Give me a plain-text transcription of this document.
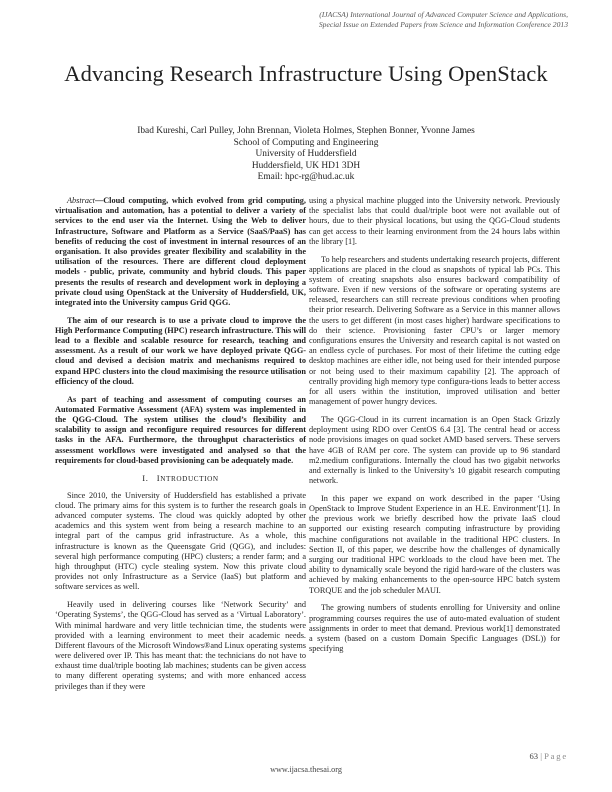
(IJACSA) International Journal of Advanced Computer Science and Applications,
Special Issue on Extended Papers from Science and Information Conference 2013
Advancing Research Infrastructure Using OpenStack
Ibad Kureshi, Carl Pulley, John Brennan, Violeta Holmes, Stephen Bonner, Yvonne James
School of Computing and Engineering
University of Huddersfield
Huddersfield, UK HD1 3DH
Email: hpc-rg@hud.ac.uk

Abstract—Cloud computing, which evolved from grid computing, virtualisation and automation, has a potential to deliver a variety of services to the end user via the Internet. Using the Web to deliver Infrastructure, Software and Platform as a Service (SaaS/PaaS) has benefits of reducing the cost of investment in internal resources of an organisation. It also provides greater flexibility and scalability in the utilisation of the resources. There are different cloud deployment models - public, private, community and hybrid clouds. This paper presents the results of research and development work in deploying a private cloud using OpenStack at the University of Huddersfield, UK, integrated into the University campus Grid QGG.

The aim of our research is to use a private cloud to improve the High Performance Computing (HPC) research infrastructure. This will lead to a flexible and scalable resource for research, teaching and assessment. As a result of our work we have deployed private QGG-cloud and devised a decision matrix and mechanisms required to expand HPC clusters into the cloud maximising the resource utilisation efficiency of the cloud.

As part of teaching and assessment of computing courses an Automated Formative Assessment (AFA) system was implemented in the QGG-Cloud. The system utilises the cloud’s flexibility and scalability to assign and reconfigure required resources for different tasks in the AFA. Furthermore, the throughput characteristics of assessment workflows were investigated and analysed so that the requirements for cloud-based provisioning can be adequately made.

I. INTRODUCTION

Since 2010, the University of Huddersfield has established a private cloud. The primary aims for this system is to further the research goals in advanced computer systems. The cloud was quickly adopted by other academics and this system went from being a research machine to an integral part of the campus grid infrastructure. As a whole, this infrastructure is known as the Queensgate Grid (QGG), and includes: several high performance computing (HPC) clusters; a render farm; and a high throughput (HTC) cycle stealing system. Now this private cloud provides not only Infrastructure as a Service (IaaS) but platform and software services as well.

Heavily used in delivering courses like ‘Network Security’ and ‘Operating Systems’, the QGG-Cloud has served as a ‘Virtual Laboratory’. With minimal hardware and very little technician time, the students were provided with a learning environment to meet their academic needs. Different flavours of the Microsoft Windows®and Linux operating systems were delivered over IP. This has meant that: the technicians do not have to exhaust time dual/triple booting lab machines; students can be given access to many different operating systems; and with more enhanced access privileges than if they were

using a physical machine plugged into the University network. Previously the specialist labs that could dual/triple boot were not available out of hours, due to their physical locations, but using the QGG-Cloud students can get access to their learning environment from the 24 hours labs within the library [1].

To help researchers and students undertaking research projects, different applications are placed in the cloud as snapshots of typical lab PCs. This system of creating snapshots also ensures backward compatibility of software. Even if new versions of the software or operating systems are released, researchers can still recreate previous conditions when proofing their prior research. Delivering Software as a Service in this manner allows the users to get different (in most cases higher) hardware specifications to do their science. Provisioning faster CPU’s or larger memory configurations ensures the University and research capital is not wasted on an endless cycle of purchases. For most of their lifetime the cutting edge desktop machines are either idle, not being used for their intended purpose or not being used to their maximum capability [2]. The approach of centrally providing high memory type configura-tions leads to better access for all users within the institution, improved utilisation and better management of power hungry devices.

The QGG-Cloud in its current incarnation is an Open Stack Grizzly deployment using RDO over CentOS 6.4 [3]. The central head or access node provisions images on quad socket AMD based servers. These servers have 4GB of RAM per core. The system can provide up to 96 standard m2.medium configurations. Internally the cloud has two gigabit networks and externally is linked to the University’s 10 gigabit research computing network.

In this paper we expand on work described in the paper ‘Using OpenStack to Improve Student Experience in an H.E. Environment’[1]. In the previous work we briefly described how the private IaaS cloud supported our existing research computing infrastructure by providing machine configurations not available in the traditional HPC clusters. In Section II, of this paper, we describe how the challenges of dynamically surging our traditional HPC workloads to the cloud have been met. The ability to dynamically scale beyond the rigid hard-ware of the clusters was achieved by making enhancements to the open-source HPC batch system TORQUE and the job scheduler MAUI.

The growing numbers of students enrolling for University and online programming courses requires the use of auto-mated evaluation of student assignments in order to meet that demand. Previous work[1] demonstrated a system (based on a custom Domain Specific Languages (DSL)) for specifying

63 | Page
www.ijacsa.thesai.org
